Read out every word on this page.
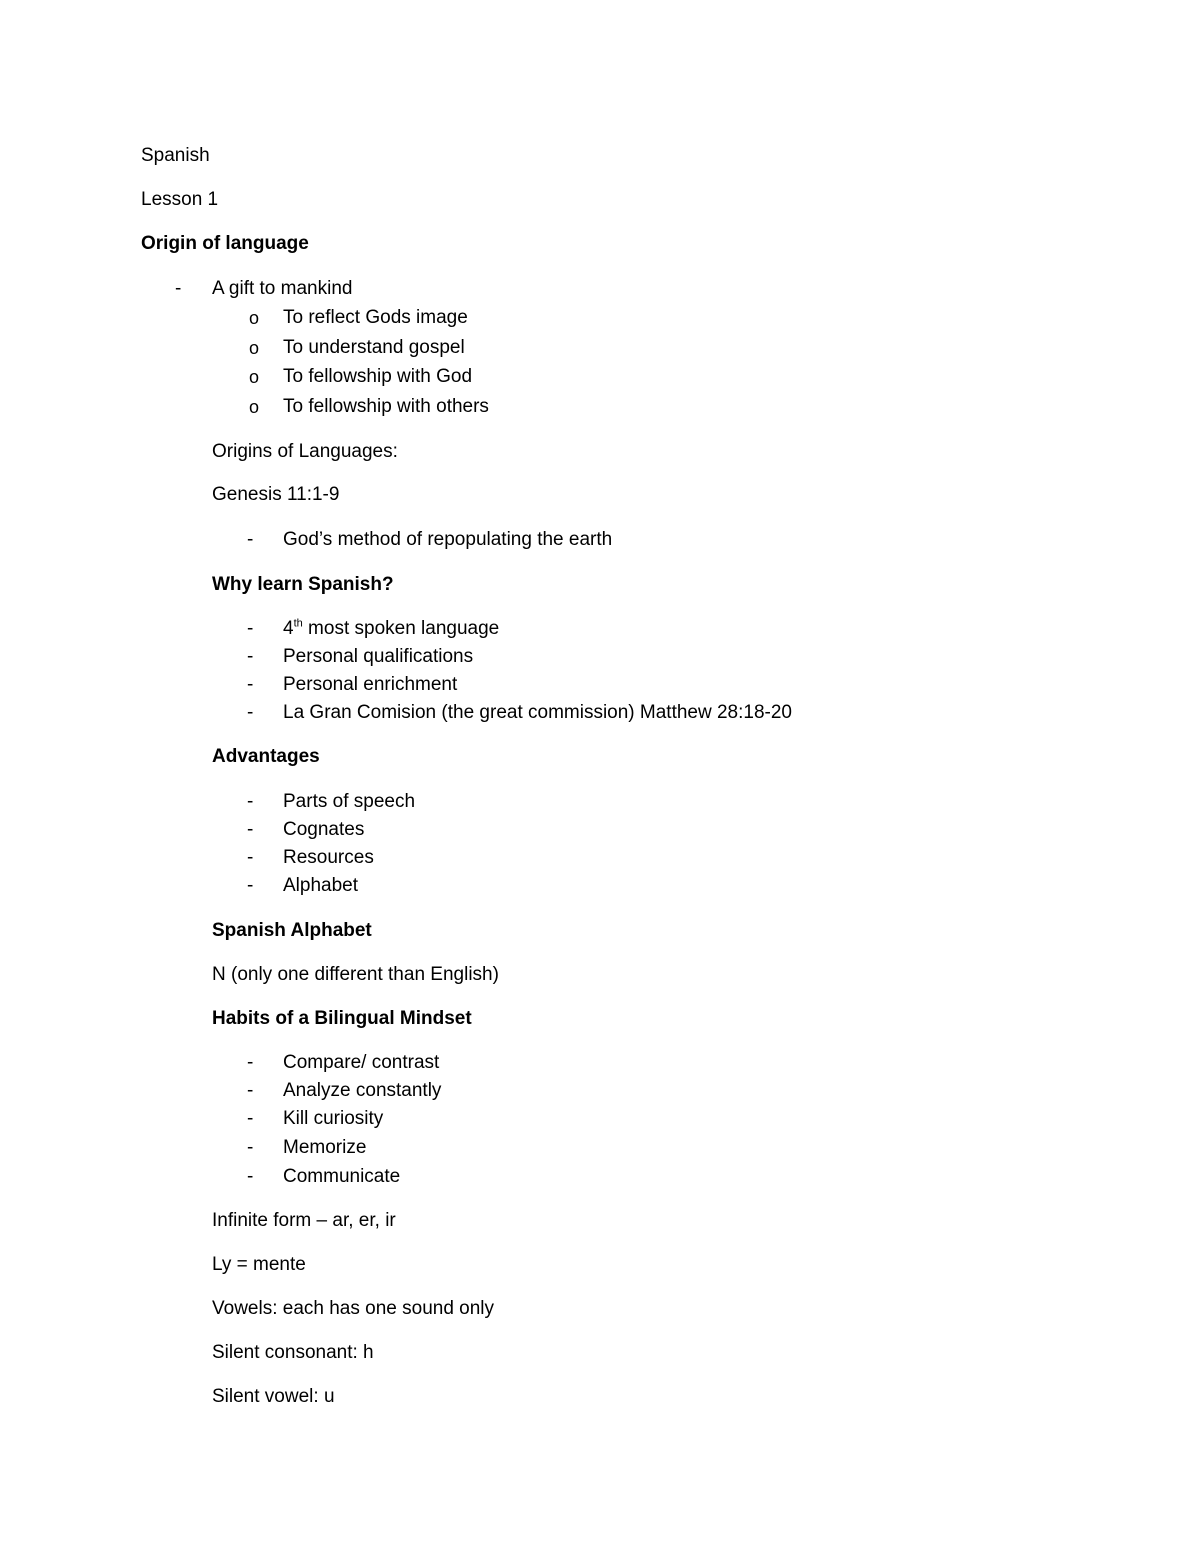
Spanish
Lesson 1
Origin of language
- A gift to mankind
o To reflect Gods image
o To understand gospel
o To fellowship with God
o To fellowship with others
Origins of Languages:
Genesis 11:1-9
- God’s method of repopulating the earth
Why learn Spanish?
- 4th most spoken language
- Personal qualifications
- Personal enrichment
- La Gran Comision (the great commission) Matthew 28:18-20
Advantages
- Parts of speech
- Cognates
- Resources
- Alphabet
Spanish Alphabet
N (only one different than English)
Habits of a Bilingual Mindset
- Compare/ contrast
- Analyze constantly
- Kill curiosity
- Memorize
- Communicate
Infinite form – ar, er, ir
Ly = mente
Vowels: each has one sound only
Silent consonant: h
Silent vowel: u
